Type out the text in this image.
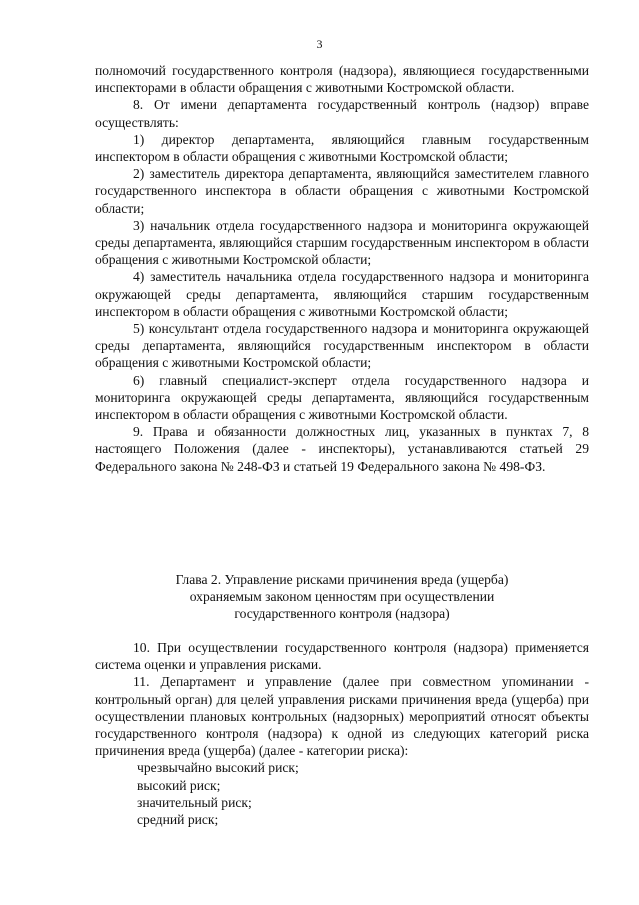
3

полномочий государственного контроля (надзора), являющиеся государственными инспекторами в области обращения с животными Костромской области.

8. От имени департамента государственный контроль (надзор) вправе осуществлять:

1) директор департамента, являющийся главным государственным инспектором в области обращения с животными Костромской области;

2) заместитель директора департамента, являющийся заместителем главного государственного инспектора в области обращения с животными Костромской области;

3) начальник отдела государственного надзора и мониторинга окружающей среды департамента, являющийся старшим государственным инспектором в области обращения с животными Костромской области;

4) заместитель начальника отдела государственного надзора и мониторинга окружающей среды департамента, являющийся старшим государственным инспектором в области обращения с животными Костромской области;

5) консультант отдела государственного надзора и мониторинга окружающей среды департамента, являющийся государственным инспектором в области обращения с животными Костромской области;

6) главный специалист-эксперт отдела государственного надзора и мониторинга окружающей среды департамента, являющийся государственным инспектором в области обращения с животными Костромской области.

9. Права и обязанности должностных лиц, указанных в пунктах 7, 8 настоящего Положения (далее - инспекторы), устанавливаются статьей 29 Федерального закона № 248-ФЗ и статьей 19 Федерального закона № 498-ФЗ.

Глава 2. Управление рисками причинения вреда (ущерба)
охраняемым законом ценностям при осуществлении
государственного контроля (надзора)

10. При осуществлении государственного контроля (надзора) применяется система оценки и управления рисками.

11. Департамент и управление (далее при совместном упоминании - контрольный орган) для целей управления рисками причинения вреда (ущерба) при осуществлении плановых контрольных (надзорных) мероприятий относят объекты государственного контроля (надзора) к одной из следующих категорий риска причинения вреда (ущерба) (далее - категории риска):

чрезвычайно высокий риск;

высокий риск;

значительный риск;

средний риск;
